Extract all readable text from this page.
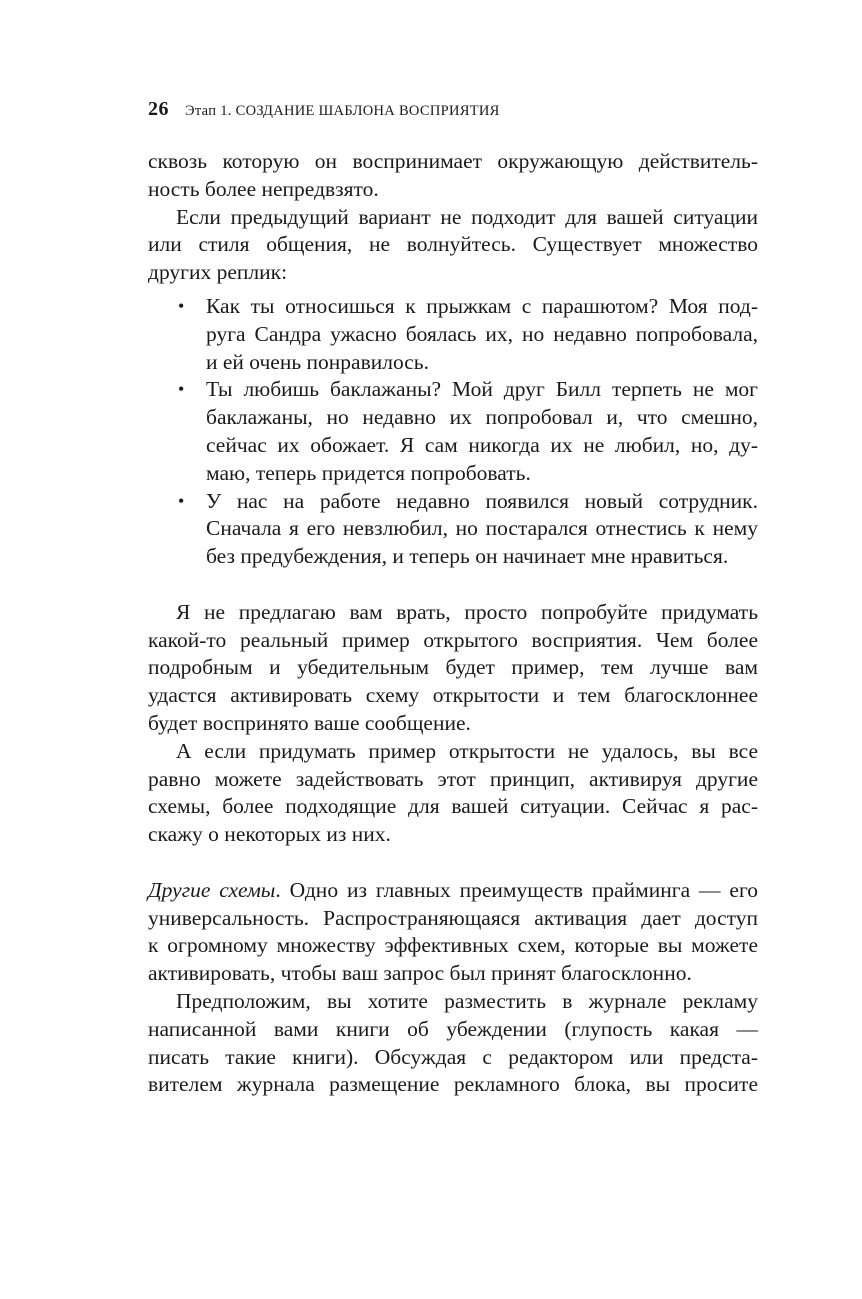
26 Этап 1. СОЗДАНИЕ ШАБЛОНА ВОСПРИЯТИЯ
сквозь которую он воспринимает окружающую действитель-
ность более непредвзято.
Если предыдущий вариант не подходит для вашей ситуации
или стиля общения, не волнуйтесь. Существует множество
других реплик:
• Как ты относишься к прыжкам с парашютом? Моя под-
руга Сандра ужасно боялась их, но недавно попробовала,
и ей очень понравилось.
• Ты любишь баклажаны? Мой друг Билл терпеть не мог
баклажаны, но недавно их попробовал и, что смешно,
сейчас их обожает. Я сам никогда их не любил, но, ду-
маю, теперь придется попробовать.
• У нас на работе недавно появился новый сотрудник.
Сначала я его невзлюбил, но постарался отнестись к нему
без предубеждения, и теперь он начинает мне нравиться.
Я не предлагаю вам врать, просто попробуйте придумать
какой-то реальный пример открытого восприятия. Чем более
подробным и убедительным будет пример, тем лучше вам
удастся активировать схему открытости и тем благосклоннее
будет воспринято ваше сообщение.
А если придумать пример открытости не удалось, вы все
равно можете задействовать этот принцип, активируя другие
схемы, более подходящие для вашей ситуации. Сейчас я рас-
скажу о некоторых из них.
Другие схемы. Одно из главных преимуществ прайминга — его
универсальность. Распространяющаяся активация дает доступ
к огромному множеству эффективных схем, которые вы можете
активировать, чтобы ваш запрос был принят благосклонно.
Предположим, вы хотите разместить в журнале рекламу
написанной вами книги об убеждении (глупость какая —
писать такие книги). Обсуждая с редактором или предста-
вителем журнала размещение рекламного блока, вы просите
